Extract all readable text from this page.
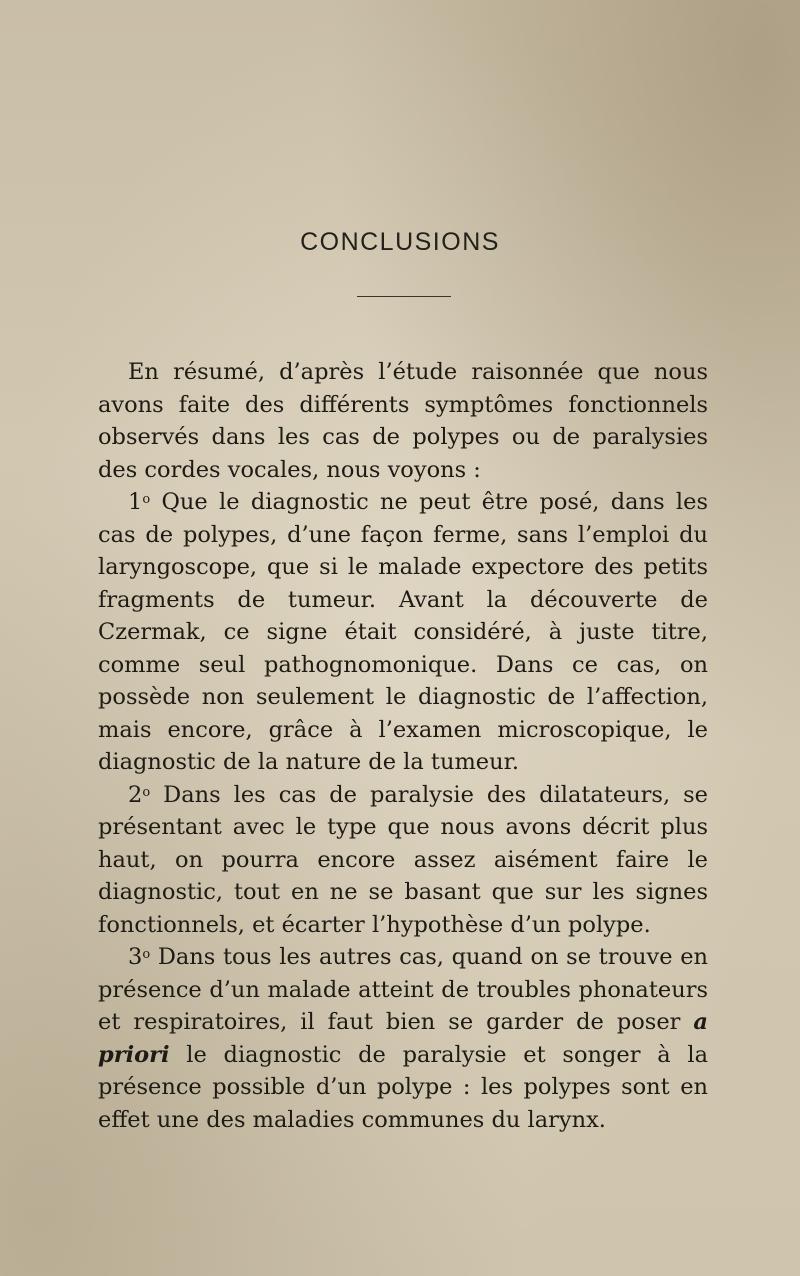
CONCLUSIONS

En résumé, d’après l’étude raisonnée que nous avons faite des différents symptômes fonctionnels observés dans les cas de polypes ou de paralysies des cordes vocales, nous voyons :

1$^o$ Que le diagnostic ne peut être posé, dans les cas de polypes, d’une façon ferme, sans l’emploi du laryngoscope, que si le malade expectore des petits fragments de tumeur. Avant la découverte de Czermak, ce signe était considéré, à juste titre, comme seul pathognomonique. Dans ce cas, on possède non seulement le diagnostic de l’affection, mais encore, grâce à l’examen microscopique, le diagnostic de la nature de la tumeur.

2$^o$ Dans les cas de paralysie des dilatateurs, se présentant avec le type que nous avons décrit plus haut, on pourra encore assez aisément faire le diagnostic, tout en ne se basant que sur les signes fonctionnels, et écarter l’hypothèse d’un polype.

3$^o$ Dans tous les autres cas, quand on se trouve en présence d’un malade atteint de troubles phonateurs et respiratoires, il faut bien se garder de poser a priori le diagnostic de paralysie et songer à la présence possible d’un polype : les polypes sont en effet une des maladies communes du larynx.
